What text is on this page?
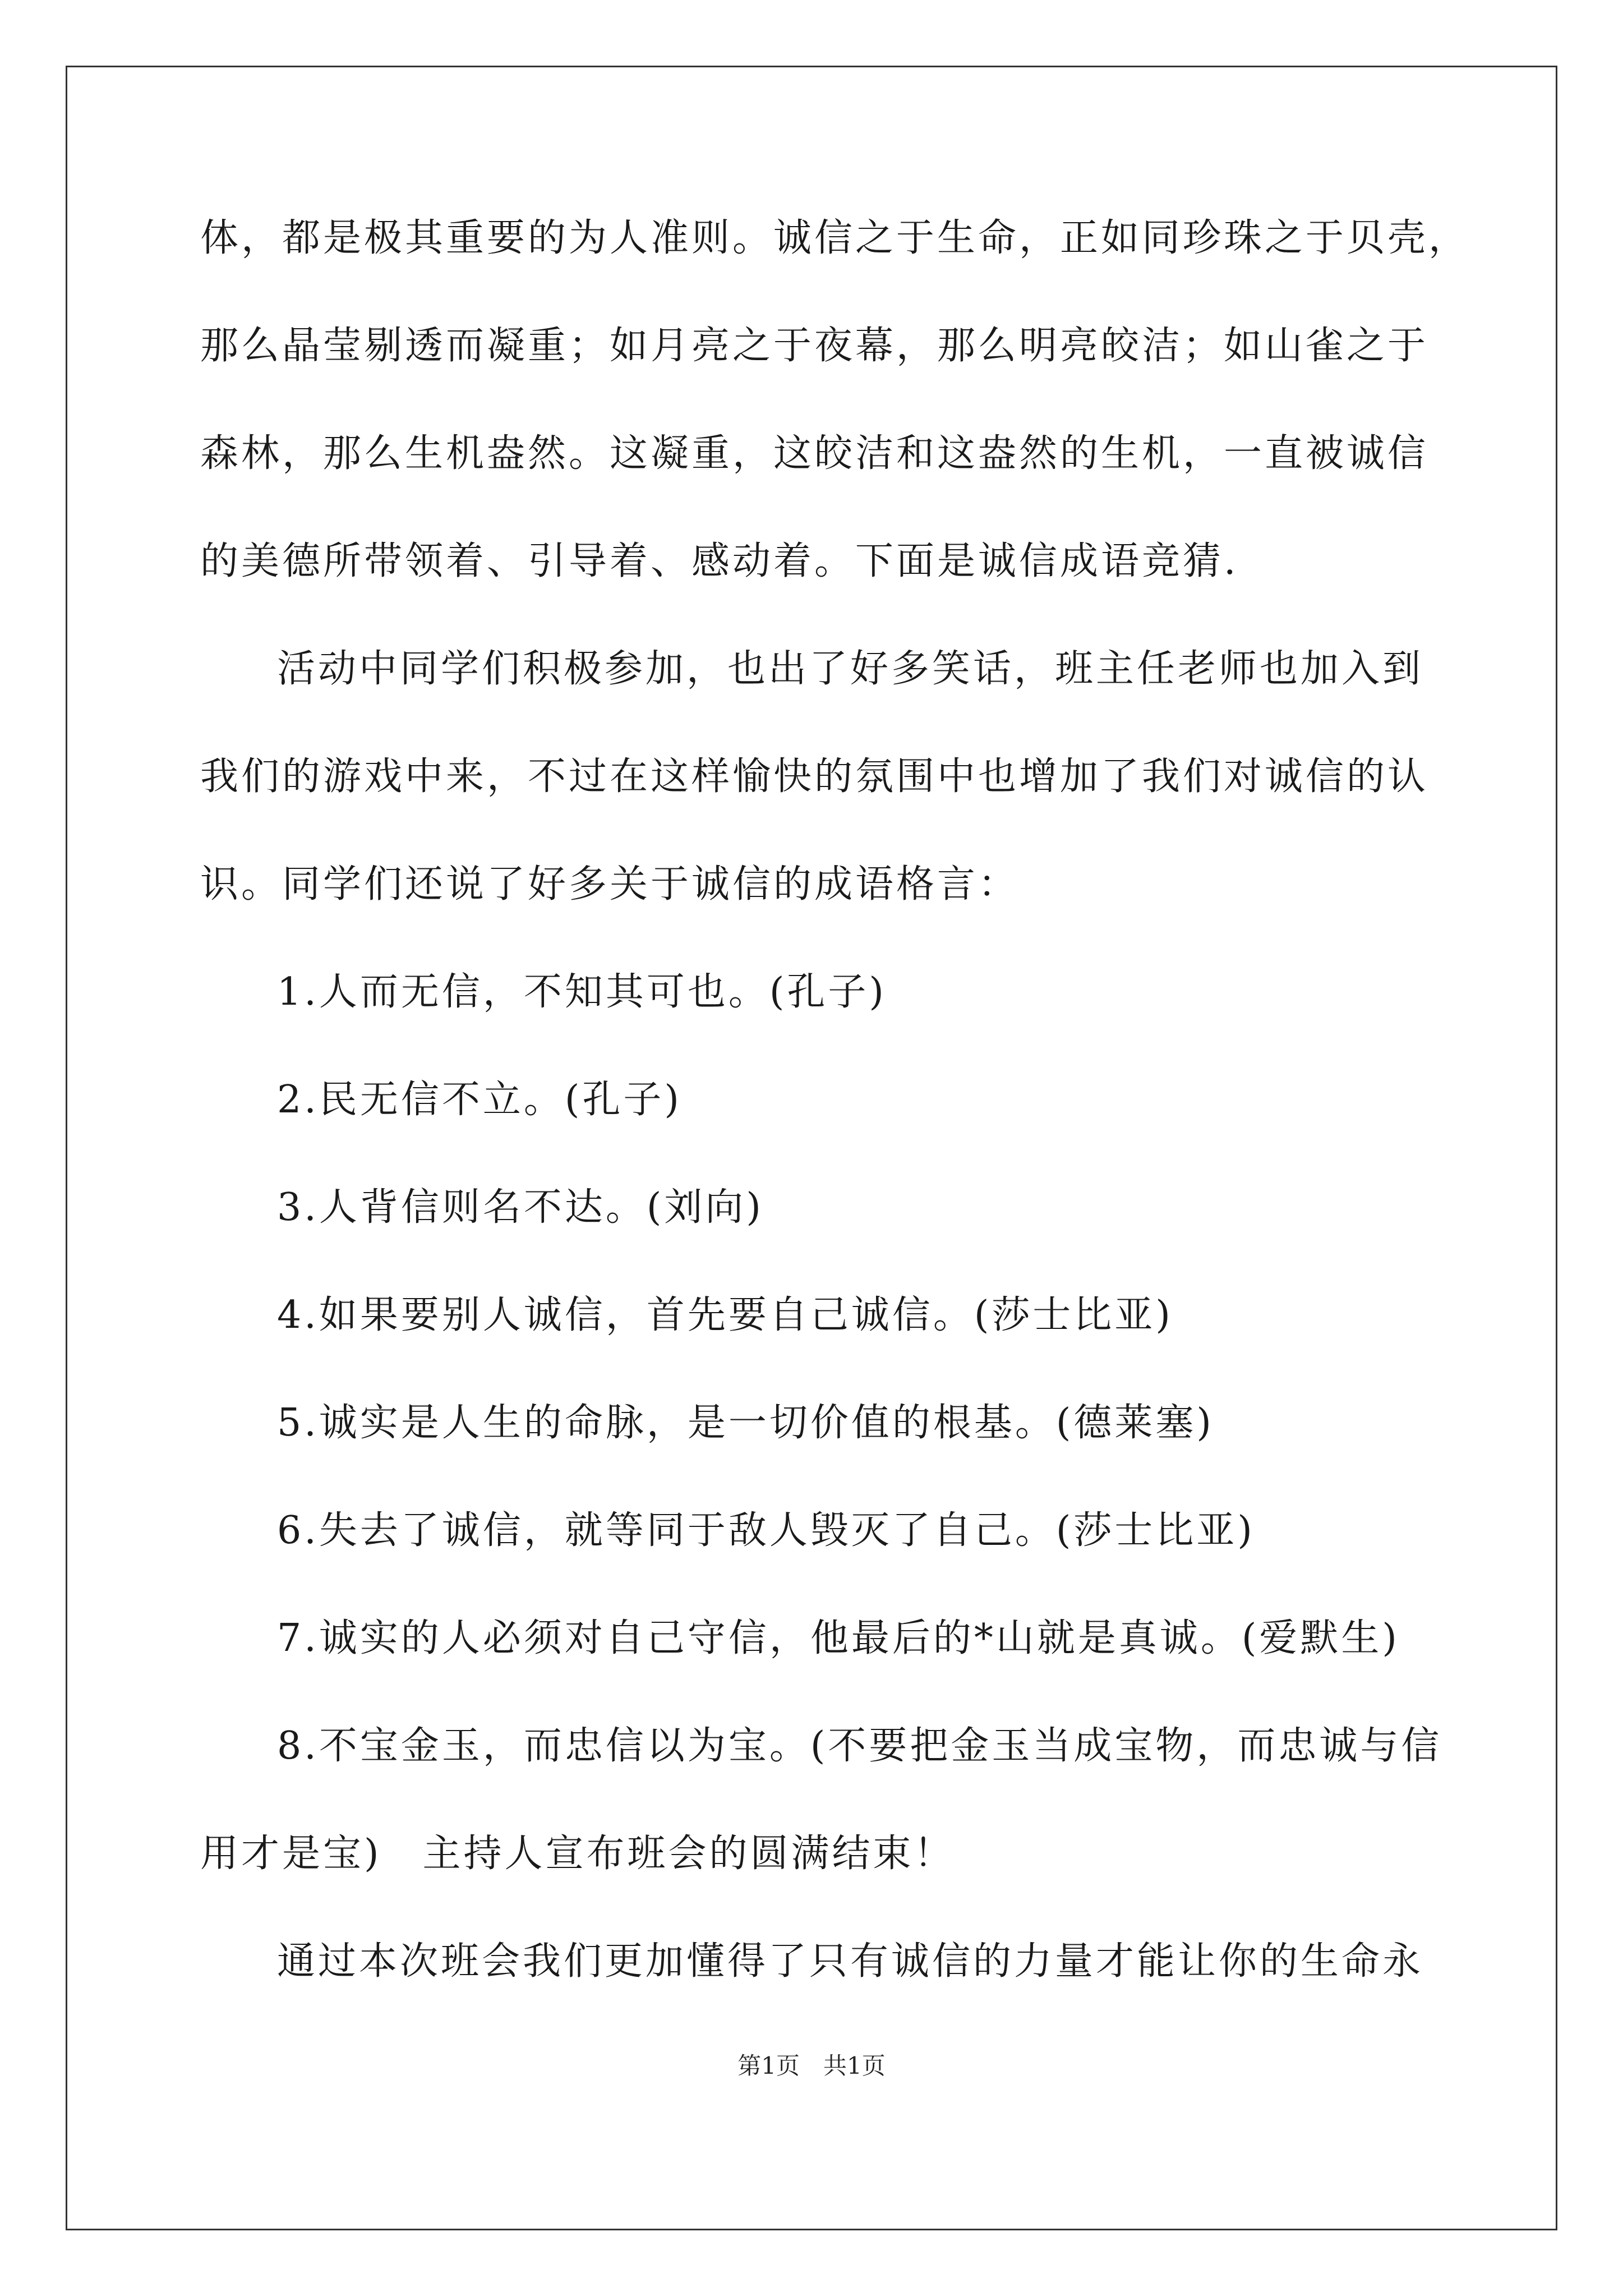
体，都是极其重要的为人准则。诚信之于生命，正如同珍珠之于贝壳，
那么晶莹剔透而凝重；如月亮之于夜幕，那么明亮皎洁；如山雀之于
森林，那么生机盎然。这凝重，这皎洁和这盎然的生机，一直被诚信
的美德所带领着、引导着、感动着。下面是诚信成语竞猜.
活动中同学们积极参加，也出了好多笑话，班主任老师也加入到
我们的游戏中来，不过在这样愉快的氛围中也增加了我们对诚信的认
识。同学们还说了好多关于诚信的成语格言：
1.人而无信，不知其可也。(孔子)
2.民无信不立。(孔子)
3.人背信则名不达。(刘向)
4.如果要别人诚信，首先要自己诚信。(莎士比亚)
5.诚实是人生的命脉，是一切价值的根基。(德莱塞)
6.失去了诚信，就等同于敌人毁灭了自己。(莎士比亚)
7.诚实的人必须对自己守信，他最后的*山就是真诚。(爱默生)
8.不宝金玉，而忠信以为宝。(不要把金玉当成宝物，而忠诚与信
用才是宝)　主持人宣布班会的圆满结束！
通过本次班会我们更加懂得了只有诚信的力量才能让你的生命永
第1页　共1页
